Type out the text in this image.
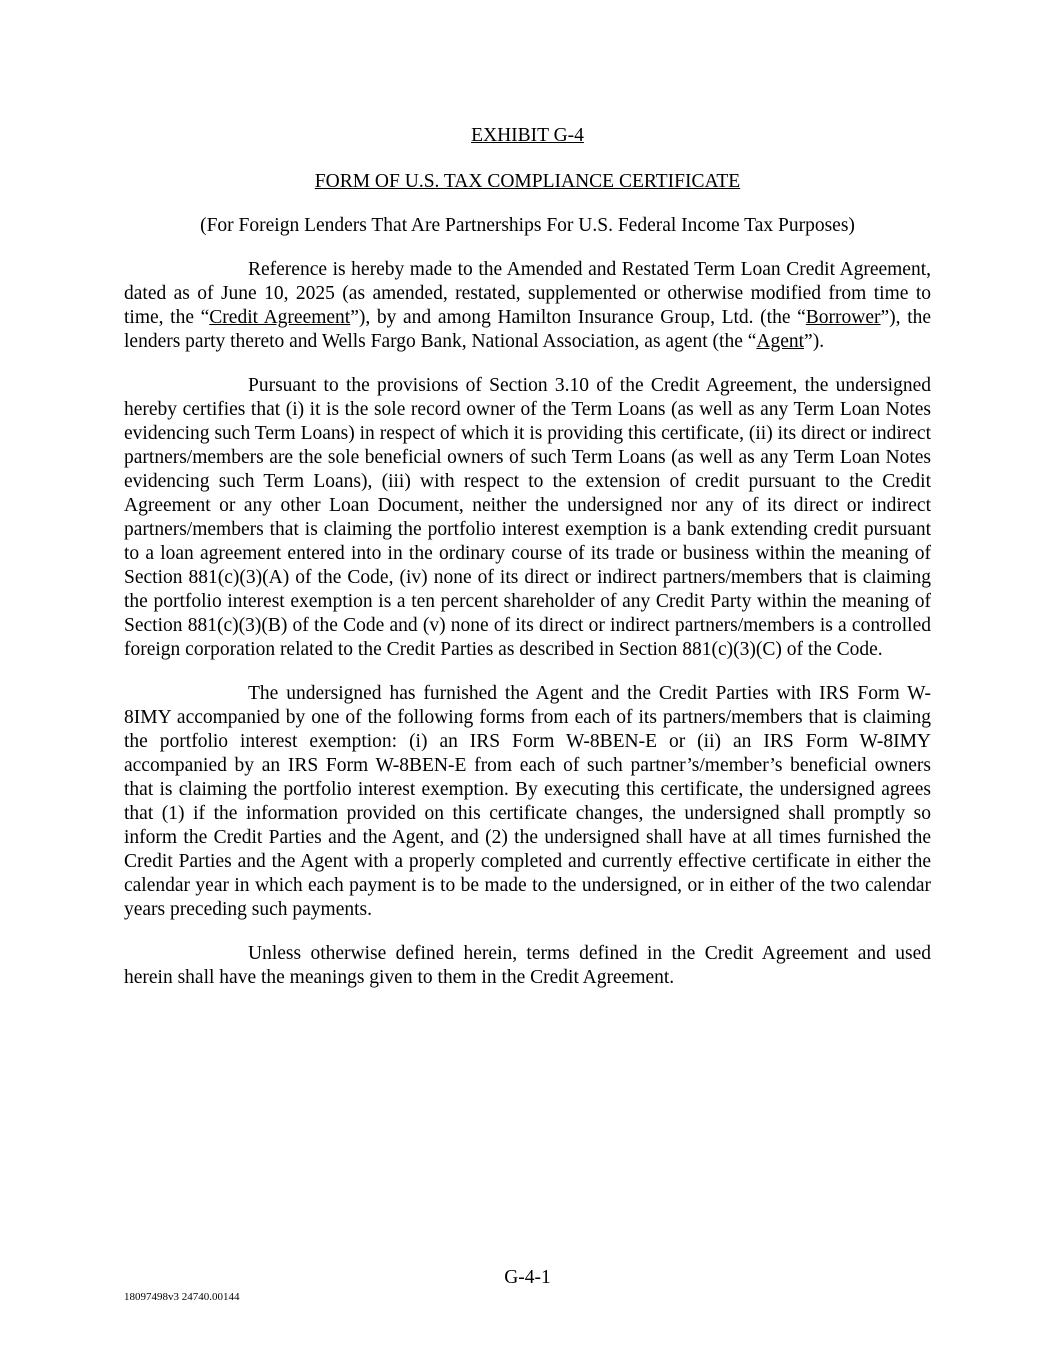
EXHIBIT G-4
FORM OF U.S. TAX COMPLIANCE CERTIFICATE
(For Foreign Lenders That Are Partnerships For U.S. Federal Income Tax Purposes)

Reference is hereby made to the Amended and Restated Term Loan Credit Agreement, dated as of June 10, 2025 (as amended, restated, supplemented or otherwise modified from time to time, the “Credit Agreement”), by and among Hamilton Insurance Group, Ltd. (the “Borrower”), the lenders party thereto and Wells Fargo Bank, National Association, as agent (the “Agent”).

Pursuant to the provisions of Section 3.10 of the Credit Agreement, the undersigned hereby certifies that (i) it is the sole record owner of the Term Loans (as well as any Term Loan Notes evidencing such Term Loans) in respect of which it is providing this certificate, (ii) its direct or indirect partners/members are the sole beneficial owners of such Term Loans (as well as any Term Loan Notes evidencing such Term Loans), (iii) with respect to the extension of credit pursuant to the Credit Agreement or any other Loan Document, neither the undersigned nor any of its direct or indirect partners/members that is claiming the portfolio interest exemption is a bank extending credit pursuant to a loan agreement entered into in the ordinary course of its trade or business within the meaning of Section 881(c)(3)(A) of the Code, (iv) none of its direct or indirect partners/members that is claiming the portfolio interest exemption is a ten percent shareholder of any Credit Party within the meaning of Section 881(c)(3)(B) of the Code and (v) none of its direct or indirect partners/members is a controlled foreign corporation related to the Credit Parties as described in Section 881(c)(3)(C) of the Code.

The undersigned has furnished the Agent and the Credit Parties with IRS Form W-8IMY accompanied by one of the following forms from each of its partners/members that is claiming the portfolio interest exemption: (i) an IRS Form W-8BEN-E or (ii) an IRS Form W-8IMY accompanied by an IRS Form W-8BEN-E from each of such partner’s/member’s beneficial owners that is claiming the portfolio interest exemption. By executing this certificate, the undersigned agrees that (1) if the information provided on this certificate changes, the undersigned shall promptly so inform the Credit Parties and the Agent, and (2) the undersigned shall have at all times furnished the Credit Parties and the Agent with a properly completed and currently effective certificate in either the calendar year in which each payment is to be made to the undersigned, or in either of the two calendar years preceding such payments.

Unless otherwise defined herein, terms defined in the Credit Agreement and used herein shall have the meanings given to them in the Credit Agreement.

G-4-1
18097498v3 24740.00144
